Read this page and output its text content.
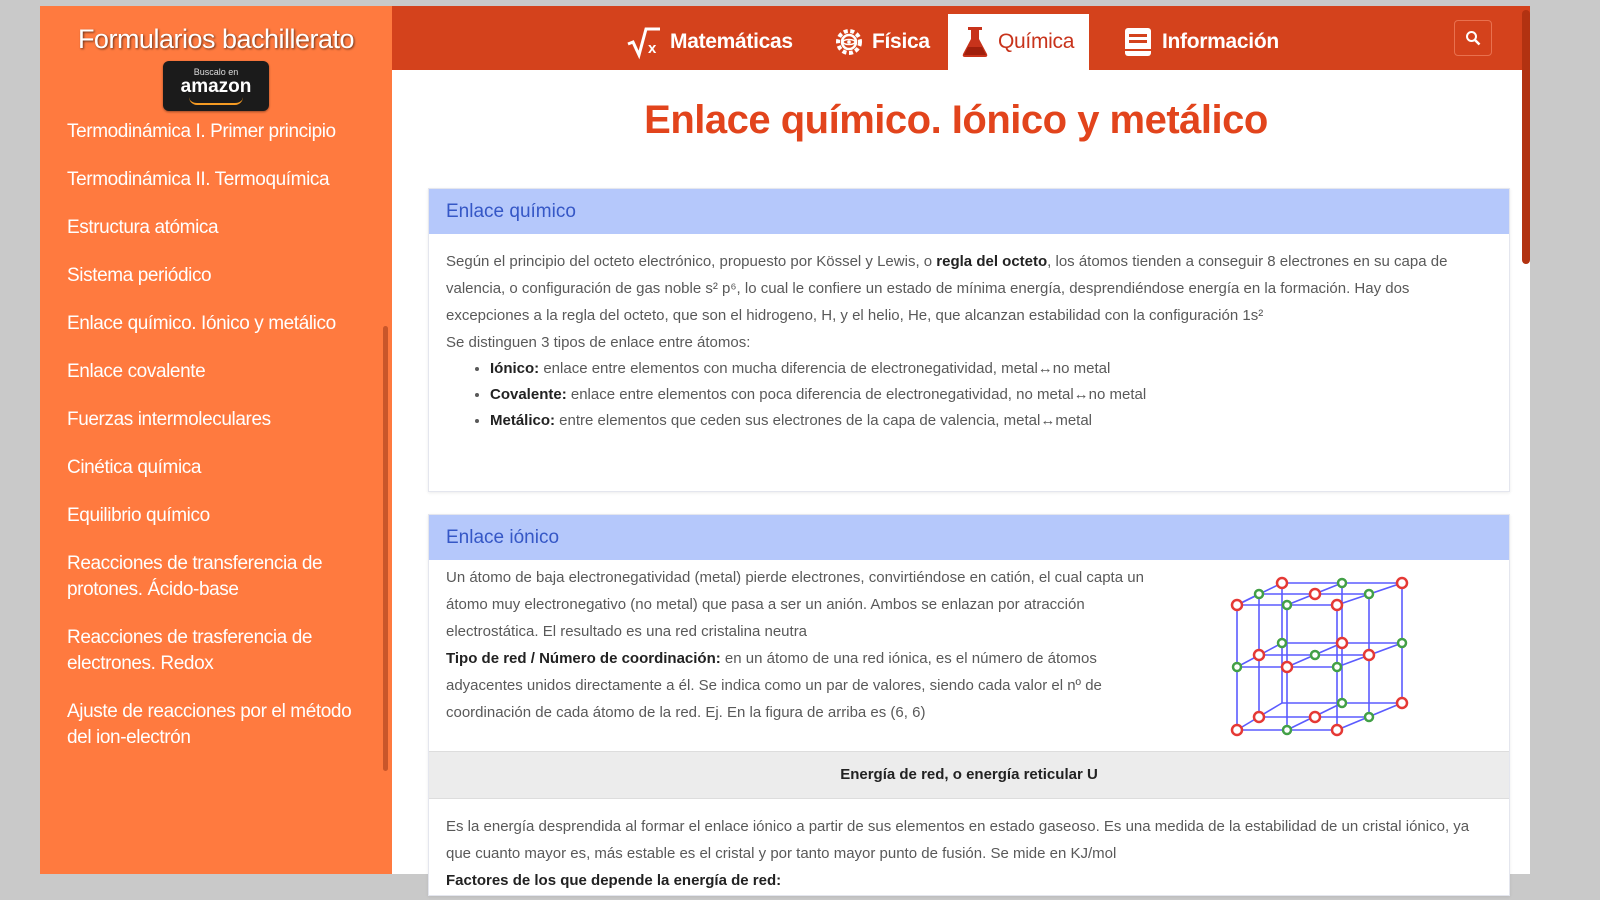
Formularios bachillerato
Buscalo en
amazon
Termodinámica I. Primer principio
Termodinámica II. Termoquímica
Estructura atómica
Sistema periódico
Enlace químico. Iónico y metálico
Enlace covalente
Fuerzas intermoleculares
Cinética química
Equilibrio químico
Reacciones de transferencia de protones. Ácido-base
Reacciones de trasferencia de electrones. Redox
Ajuste de reacciones por el método del ion-electrón
x Matemáticas	Física	Química	Información
Enlace químico. Iónico y metálico
Enlace químico

Según el principio del octeto electrónico, propuesto por Kössel y Lewis, o regla del octeto, los átomos tienden a conseguir 8 electrones en su capa de valencia, o configuración de gas noble s² p⁶, lo cual le confiere un estado de mínima energía, desprendiéndose energía en la formación. Hay dos excepciones a la regla del octeto, que son el hidrogeno, H, y el helio, He, que alcanzan estabilidad con la configuración 1s²

Se distinguen 3 tipos de enlace entre átomos:

• Iónico: enlace entre elementos con mucha diferencia de electronegatividad, metal↔no metal
• Covalente: enlace entre elementos con poca diferencia de electronegatividad, no metal↔no metal
• Metálico: entre elementos que ceden sus electrones de la capa de valencia, metal↔metal
Enlace iónico

Un átomo de baja electronegatividad (metal) pierde electrones, convirtiéndose en catión, el cual capta un átomo muy electronegativo (no metal) que pasa a ser un anión. Ambos se enlazan por atracción electrostática. El resultado es una red cristalina neutra

Tipo de red / Número de coordinación: en un átomo de una red iónica, es el número de átomos adyacentes unidos directamente a él. Se indica como un par de valores, siendo cada valor el nº de coordinación de cada átomo de la red. Ej. En la figura de arriba es (6, 6)

Energía de red, o energía reticular U

Es la energía desprendida al formar el enlace iónico a partir de sus elementos en estado gaseoso. Es una medida de la estabilidad de un cristal iónico, ya que cuanto mayor es, más estable es el cristal y por tanto mayor punto de fusión. Se mide en KJ/mol

Factores de los que depende la energía de red:
